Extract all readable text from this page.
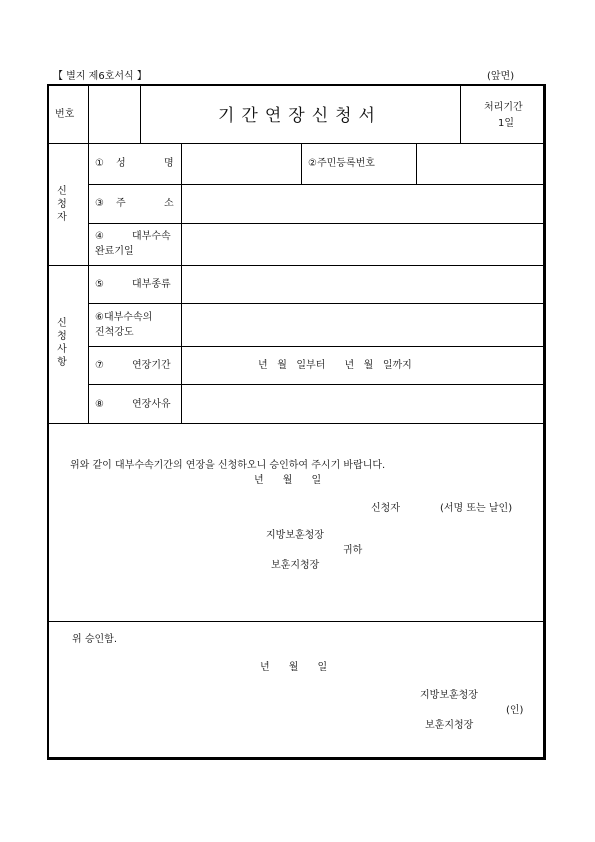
【 별지 제6호서식 】	(앞면)
번호	기간연장신청서	처리기간
1일
신
청
자
① 성	명	②주민등록번호
③ 주	소
④	대부수속
완료기일
신
청
사
항
⑤	대부종류
⑥대부수속의
진척강도
⑦	연장기간	년   월   일부터      년   월   일까지
⑧	연장사유
위와 같이 대부수속기간의 연장을 신청하오니 승인하여 주시기 바랍니다.
년      월      일
신청자	(서명 또는 날인)
지방보훈청장
귀하
보훈지청장
위 승인함.
년      월      일
지방보훈청장
(인)
보훈지청장
